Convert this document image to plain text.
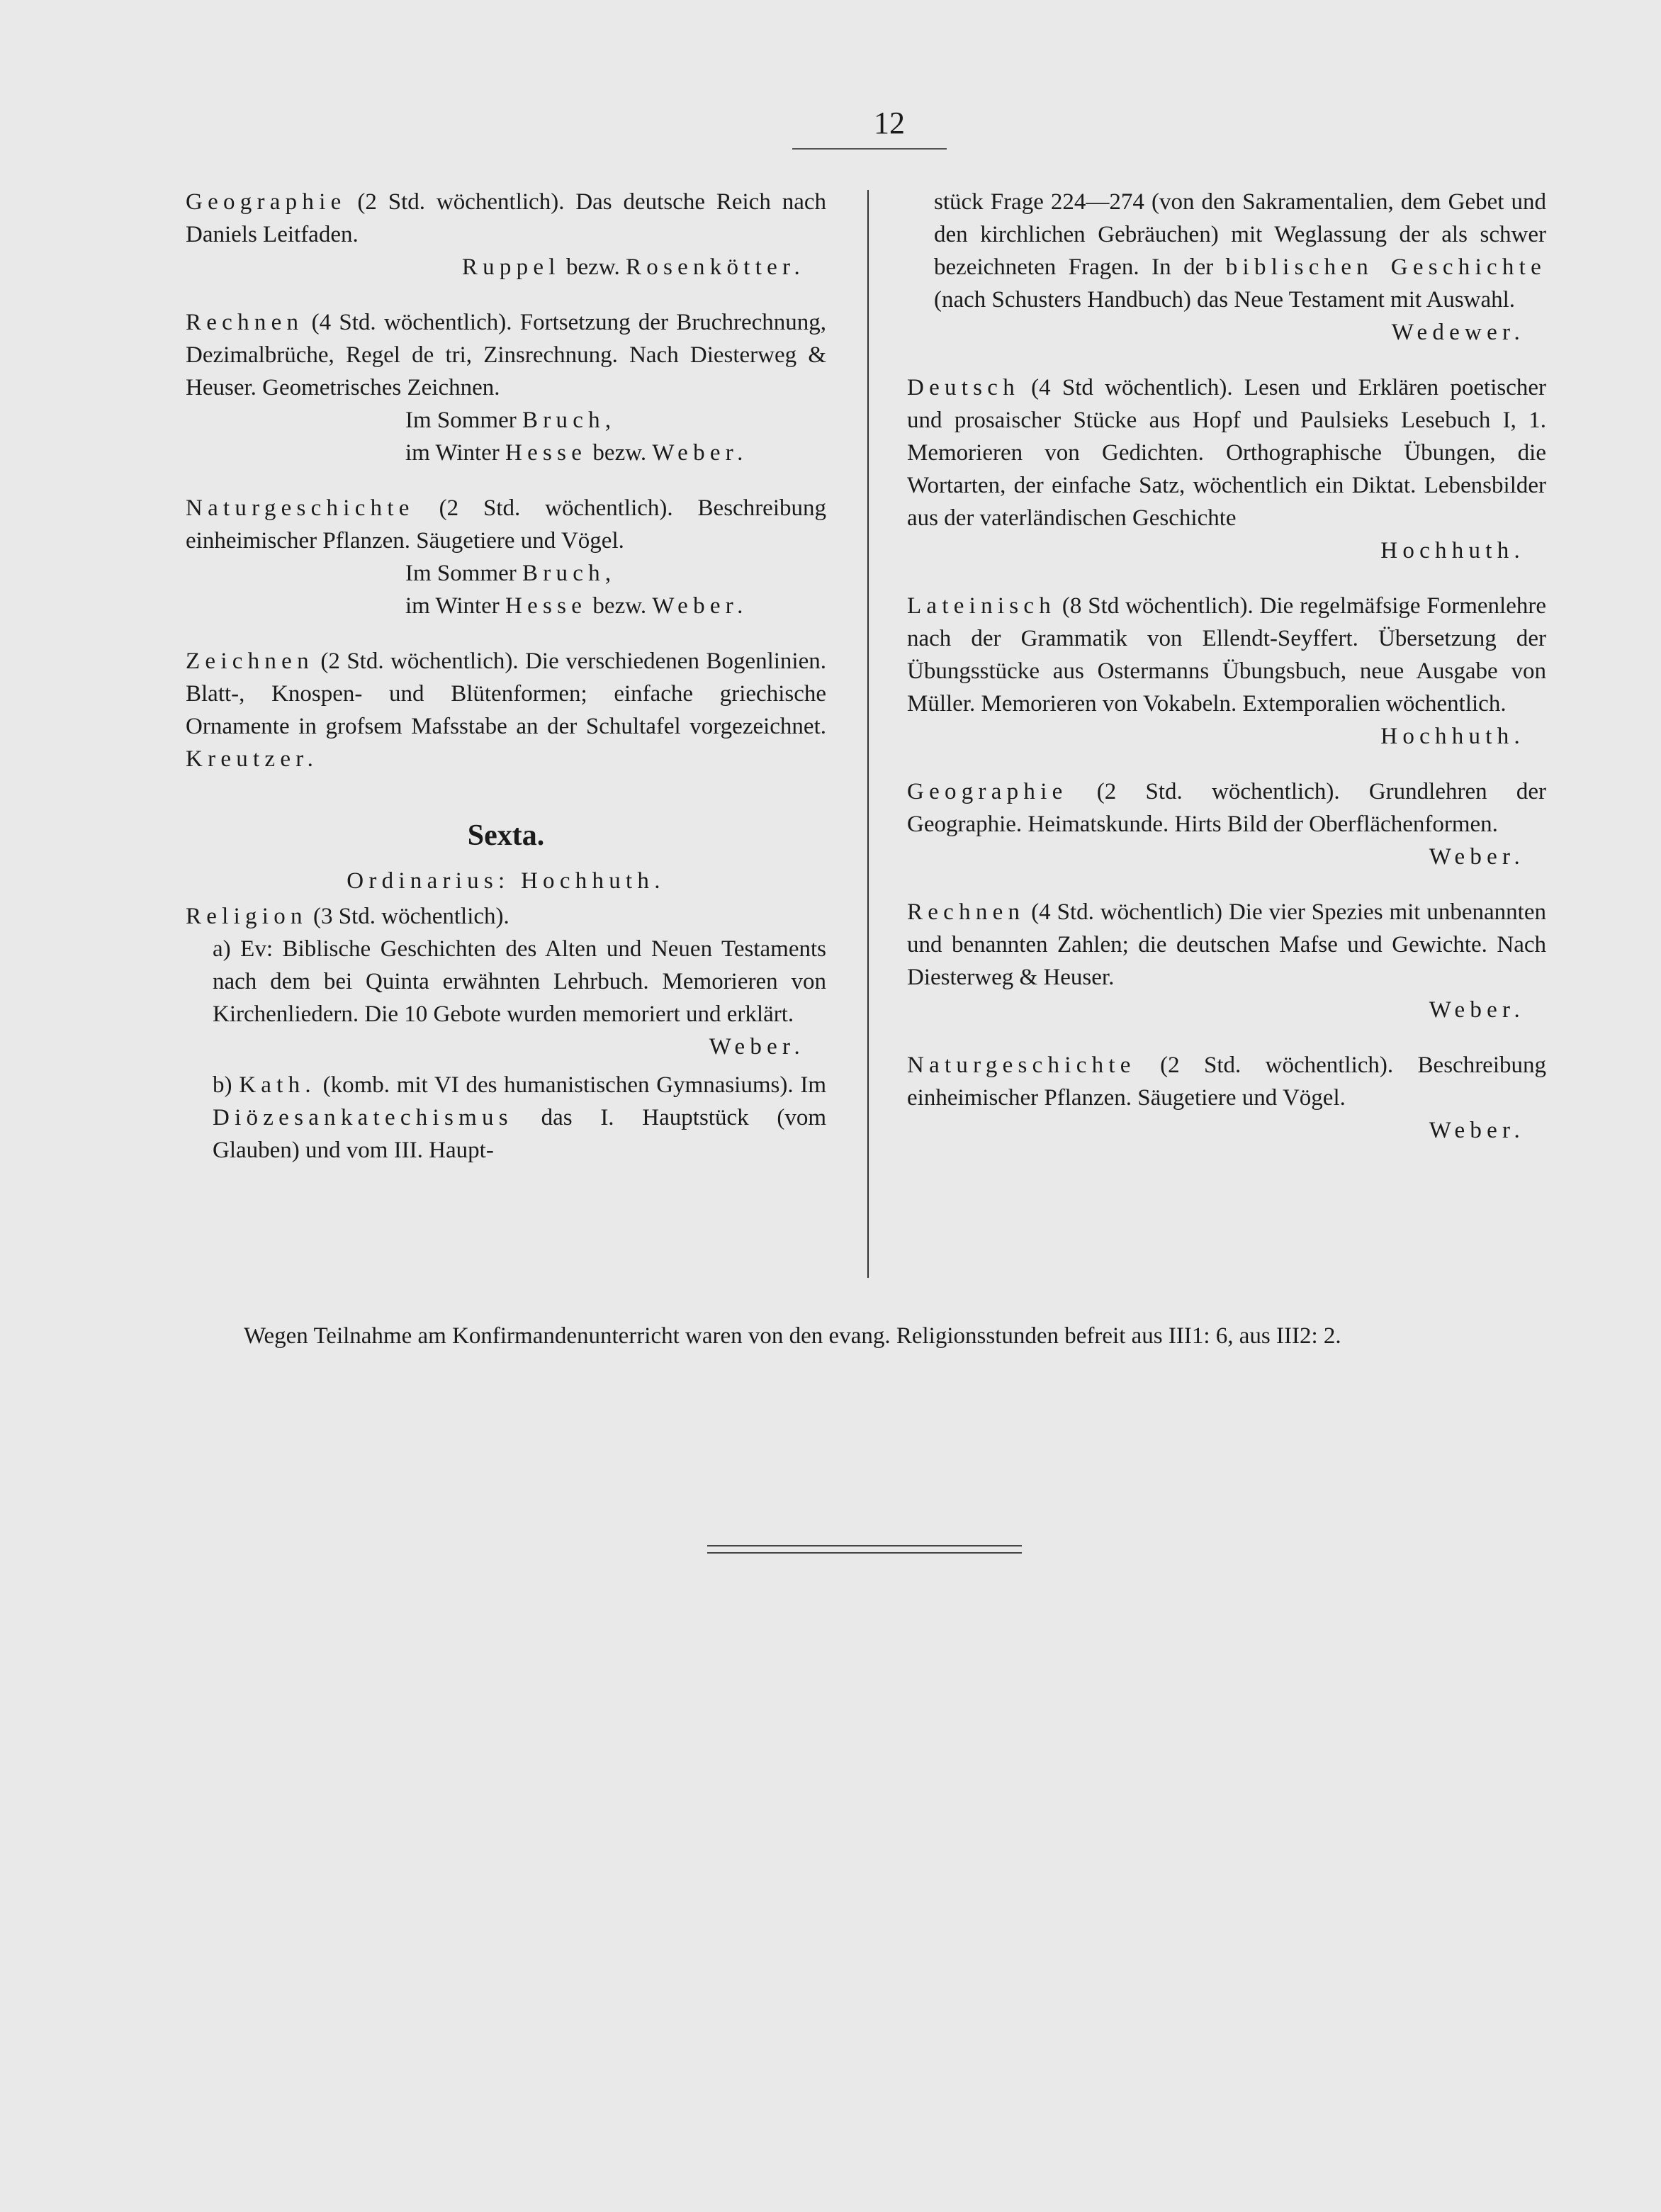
12

Geographie (2 Std. wöchentlich). Das deutsche Reich nach Daniels Leitfaden.

Ruppel bezw. Rosenkötter.

Rechnen (4 Std. wöchentlich). Fortsetzung der Bruchrechnung, Dezimalbrüche, Regel de tri, Zinsrechnung. Nach Diesterweg & Heuser. Geometrisches Zeichnen.

Im Sommer Bruch,

im Winter Hesse bezw. Weber.

Naturgeschichte (2 Std. wöchentlich). Beschreibung einheimischer Pflanzen. Säugetiere und Vögel.

Im Sommer Bruch,

im Winter Hesse bezw. Weber.

Zeichnen (2 Std. wöchentlich). Die verschiedenen Bogenlinien. Blatt-, Knospen- und Blütenformen; einfache griechische Ornamente in grofsem Mafsstabe an der Schultafel vorgezeichnet. Kreutzer.

Sexta.

Ordinarius: Hochhuth.

Religion (3 Std. wöchentlich).

a) Ev: Biblische Geschichten des Alten und Neuen Testaments nach dem bei Quinta erwähnten Lehrbuch. Memorieren von Kirchenliedern. Die 10 Gebote wurden memoriert und erklärt.

Weber.

b) Kath. (komb. mit VI des humanistischen Gymnasiums). Im Diözesankatechismus das I. Hauptstück (vom Glauben) und vom III. Haupt-

stück Frage 224—274 (von den Sakramentalien, dem Gebet und den kirchlichen Gebräuchen) mit Weglassung der als schwer bezeichneten Fragen. In der biblischen Geschichte (nach Schusters Handbuch) das Neue Testament mit Auswahl.

Wedewer.

Deutsch (4 Std wöchentlich). Lesen und Erklären poetischer und prosaischer Stücke aus Hopf und Paulsieks Lesebuch I, 1. Memorieren von Gedichten. Orthographische Übungen, die Wortarten, der einfache Satz, wöchentlich ein Diktat. Lebensbilder aus der vaterländischen Geschichte

Hochhuth.

Lateinisch (8 Std wöchentlich). Die regelmäfsige Formenlehre nach der Grammatik von Ellendt-Seyffert. Übersetzung der Übungsstücke aus Ostermanns Übungsbuch, neue Ausgabe von Müller. Memorieren von Vokabeln. Extemporalien wöchentlich.

Hochhuth.

Geographie (2 Std. wöchentlich). Grundlehren der Geographie. Heimatskunde. Hirts Bild der Oberflächenformen.

Weber.

Rechnen (4 Std. wöchentlich) Die vier Spezies mit unbenannten und benannten Zahlen; die deutschen Mafse und Gewichte. Nach Diesterweg & Heuser.

Weber.

Naturgeschichte (2 Std. wöchentlich). Beschreibung einheimischer Pflanzen. Säugetiere und Vögel.

Weber.

Wegen Teilnahme am Konfirmandenunterricht waren von den evang. Religionsstunden befreit aus III1: 6, aus III2: 2.
